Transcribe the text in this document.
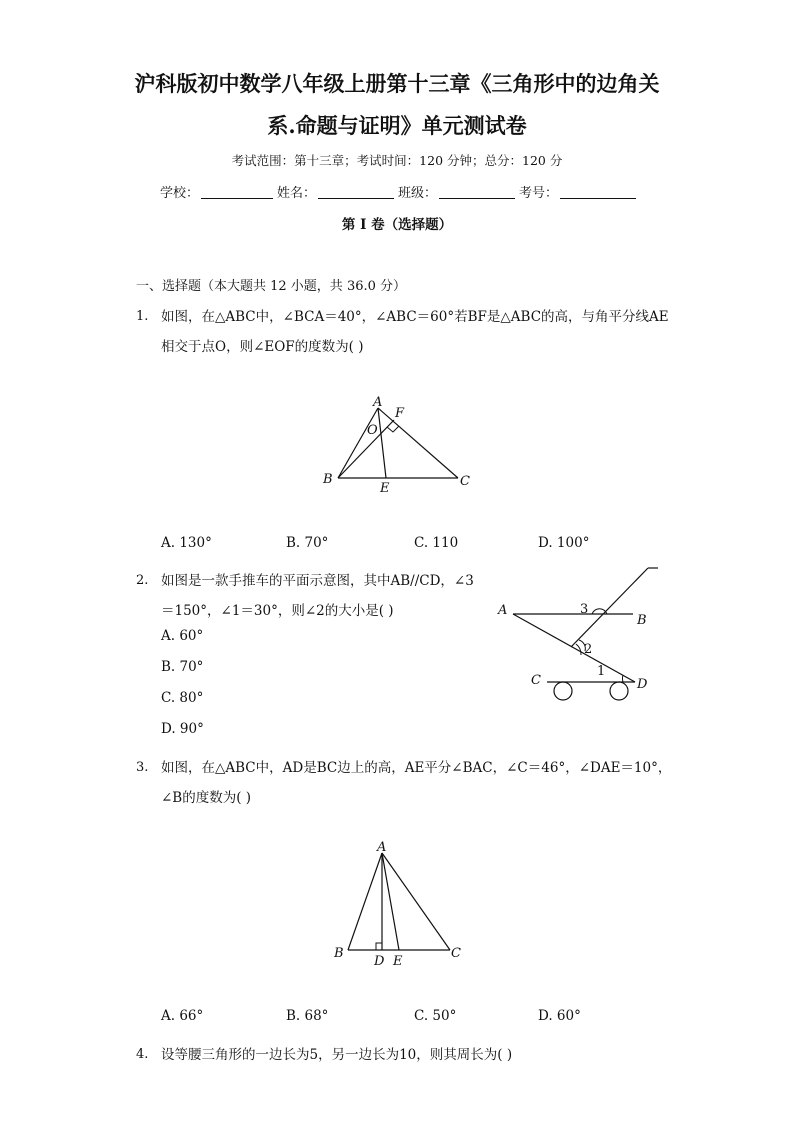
沪科版初中数学八年级上册第十三章《三角形中的边角关
系.命题与证明》单元测试卷
考试范围：第十三章；考试时间：120 分钟；总分：120 分
学校：	姓名：	班级：	考号：
第 I 卷（选择题）
一、选择题（本大题共 12 小题，共 36.0 分）
1. 如图，在△ABC中，∠BCA＝40°，∠ABC＝60°若BF是△ABC的高，与角平分线AE
相交于点O，则∠EOF的度数为( )
A
F
O
B
E	C
A. 130°	B. 70°	C. 110	D. 100°
2. 如图是一款手推车的平面示意图，其中AB//CD，∠3
＝150°，∠1＝30°，则∠2的大小是( )
A. 60°
B. 70°
C. 80°
D. 90°
A
B
C	D
3
2
1
3. 如图，在△ABC中，AD是BC边上的高，AE平分∠BAC，∠C＝46°，∠DAE＝10°，
∠B的度数为( )
A
B
D E
C
A. 66°	B. 68°	C. 50°	D. 60°
4. 设等腰三角形的一边长为5，另一边长为10，则其周长为( )
